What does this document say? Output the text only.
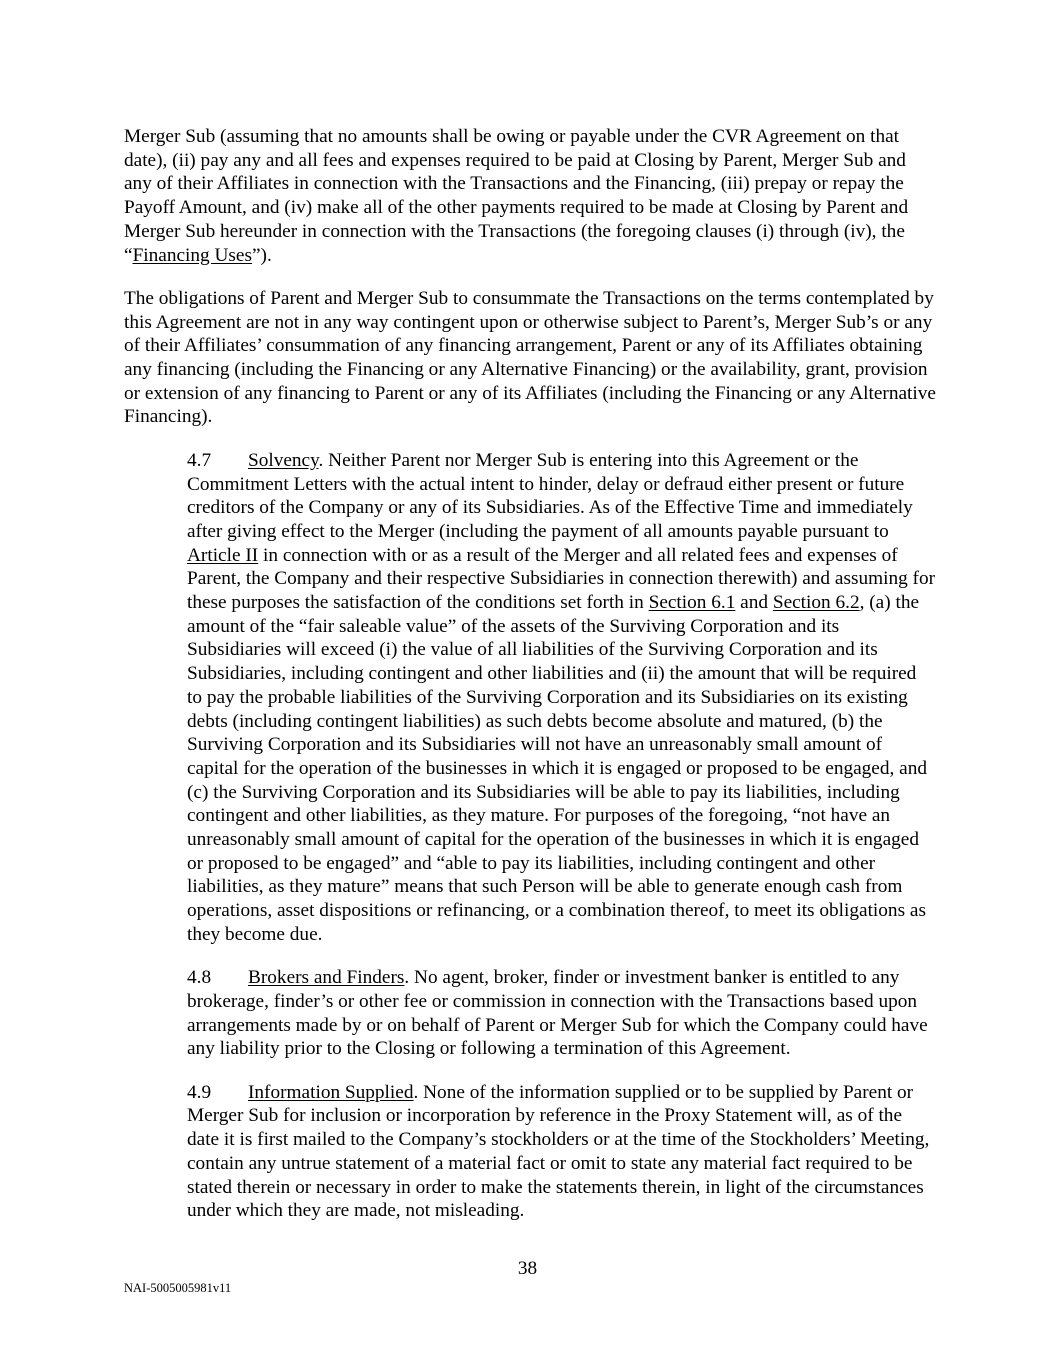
Merger Sub (assuming that no amounts shall be owing or payable under the CVR Agreement on that date), (ii) pay any and all fees and expenses required to be paid at Closing by Parent, Merger Sub and any of their Affiliates in connection with the Transactions and the Financing, (iii) prepay or repay the Payoff Amount, and (iv) make all of the other payments required to be made at Closing by Parent and Merger Sub hereunder in connection with the Transactions (the foregoing clauses (i) through (iv), the “Financing Uses”).

The obligations of Parent and Merger Sub to consummate the Transactions on the terms contemplated by this Agreement are not in any way contingent upon or otherwise subject to Parent’s, Merger Sub’s or any of their Affiliates’ consummation of any financing arrangement, Parent or any of its Affiliates obtaining any financing (including the Financing or any Alternative Financing) or the availability, grant, provision or extension of any financing to Parent or any of its Affiliates (including the Financing or any Alternative Financing).

4.7 Solvency. Neither Parent nor Merger Sub is entering into this Agreement or the Commitment Letters with the actual intent to hinder, delay or defraud either present or future creditors of the Company or any of its Subsidiaries. As of the Effective Time and immediately after giving effect to the Merger (including the payment of all amounts payable pursuant to Article II in connection with or as a result of the Merger and all related fees and expenses of Parent, the Company and their respective Subsidiaries in connection therewith) and assuming for these purposes the satisfaction of the conditions set forth in Section 6.1 and Section 6.2, (a) the amount of the “fair saleable value” of the assets of the Surviving Corporation and its Subsidiaries will exceed (i) the value of all liabilities of the Surviving Corporation and its Subsidiaries, including contingent and other liabilities and (ii) the amount that will be required to pay the probable liabilities of the Surviving Corporation and its Subsidiaries on its existing debts (including contingent liabilities) as such debts become absolute and matured, (b) the Surviving Corporation and its Subsidiaries will not have an unreasonably small amount of capital for the operation of the businesses in which it is engaged or proposed to be engaged, and (c) the Surviving Corporation and its Subsidiaries will be able to pay its liabilities, including contingent and other liabilities, as they mature. For purposes of the foregoing, “not have an unreasonably small amount of capital for the operation of the businesses in which it is engaged or proposed to be engaged” and “able to pay its liabilities, including contingent and other liabilities, as they mature” means that such Person will be able to generate enough cash from operations, asset dispositions or refinancing, or a combination thereof, to meet its obligations as they become due.

4.8 Brokers and Finders. No agent, broker, finder or investment banker is entitled to any brokerage, finder’s or other fee or commission in connection with the Transactions based upon arrangements made by or on behalf of Parent or Merger Sub for which the Company could have any liability prior to the Closing or following a termination of this Agreement.

4.9 Information Supplied. None of the information supplied or to be supplied by Parent or Merger Sub for inclusion or incorporation by reference in the Proxy Statement will, as of the date it is first mailed to the Company’s stockholders or at the time of the Stockholders’ Meeting, contain any untrue statement of a material fact or omit to state any material fact required to be stated therein or necessary in order to make the statements therein, in light of the circumstances under which they are made, not misleading.

38
NAI-5005005981v11
